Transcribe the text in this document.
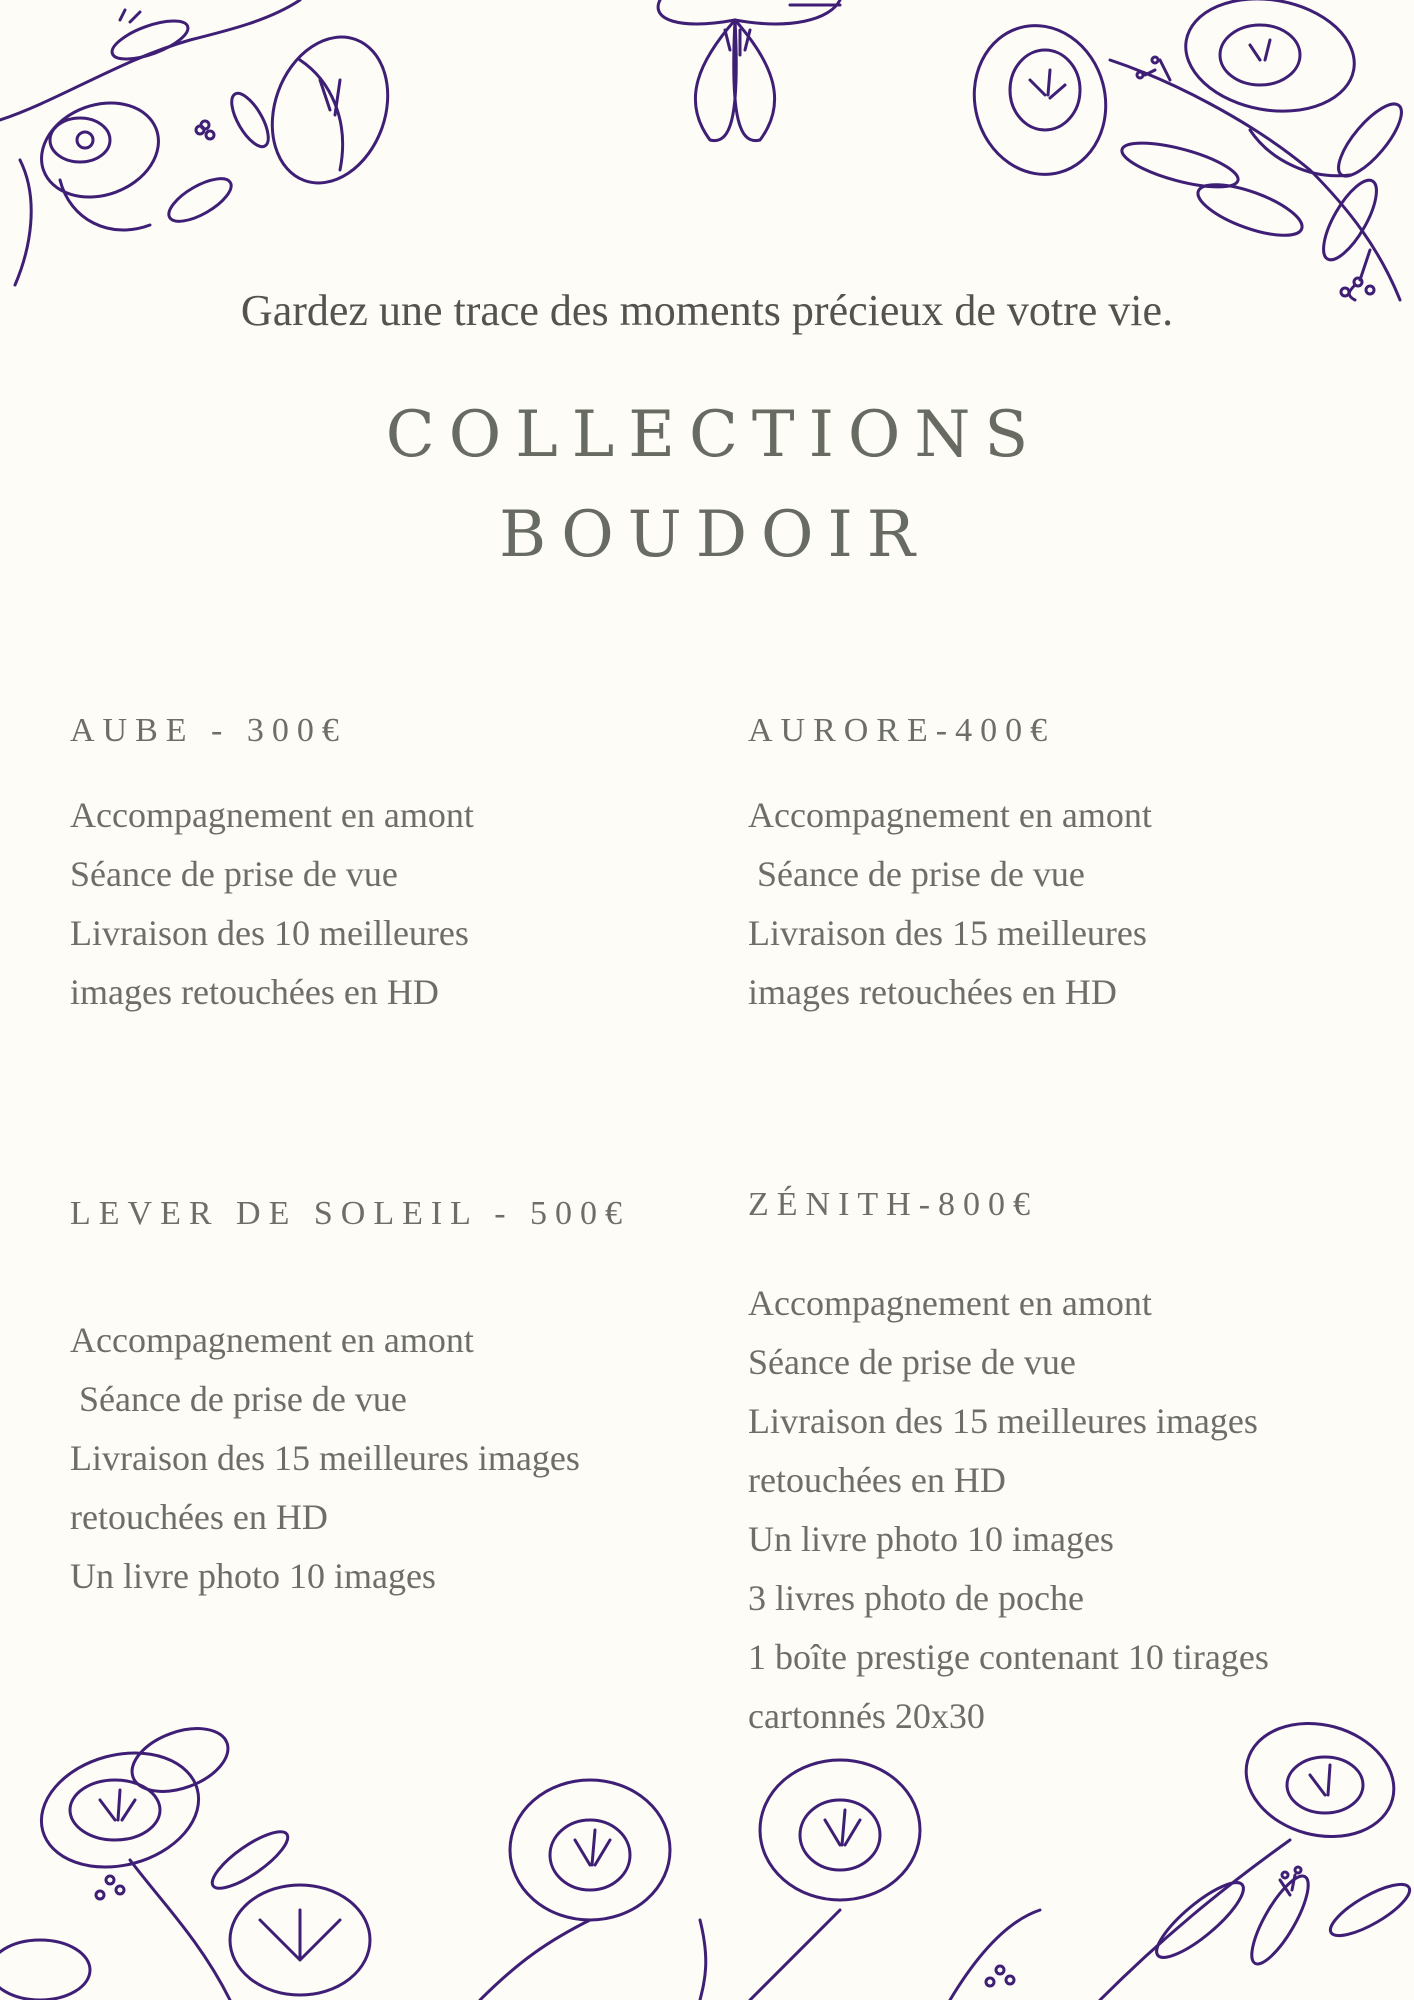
Gardez une trace des moments précieux de votre vie.
COLLECTIONS
BOUDOIR
AUBE - 300€
Accompagnement en amont
Séance de prise de vue
Livraison des 10 meilleures
images retouchées en HD
AURORE-400€
Accompagnement en amont
Séance de prise de vue
Livraison des 15 meilleures
images retouchées en HD
LEVER DE SOLEIL - 500€
Accompagnement en amont
Séance de prise de vue
Livraison des 15 meilleures images
retouchées en HD
Un livre photo 10 images
ZÉNITH-800€
Accompagnement en amont
Séance de prise de vue
Livraison des 15 meilleures images
retouchées en HD
Un livre photo 10 images
3 livres photo de poche
1 boîte prestige contenant 10 tirages
cartonnés 20x30
